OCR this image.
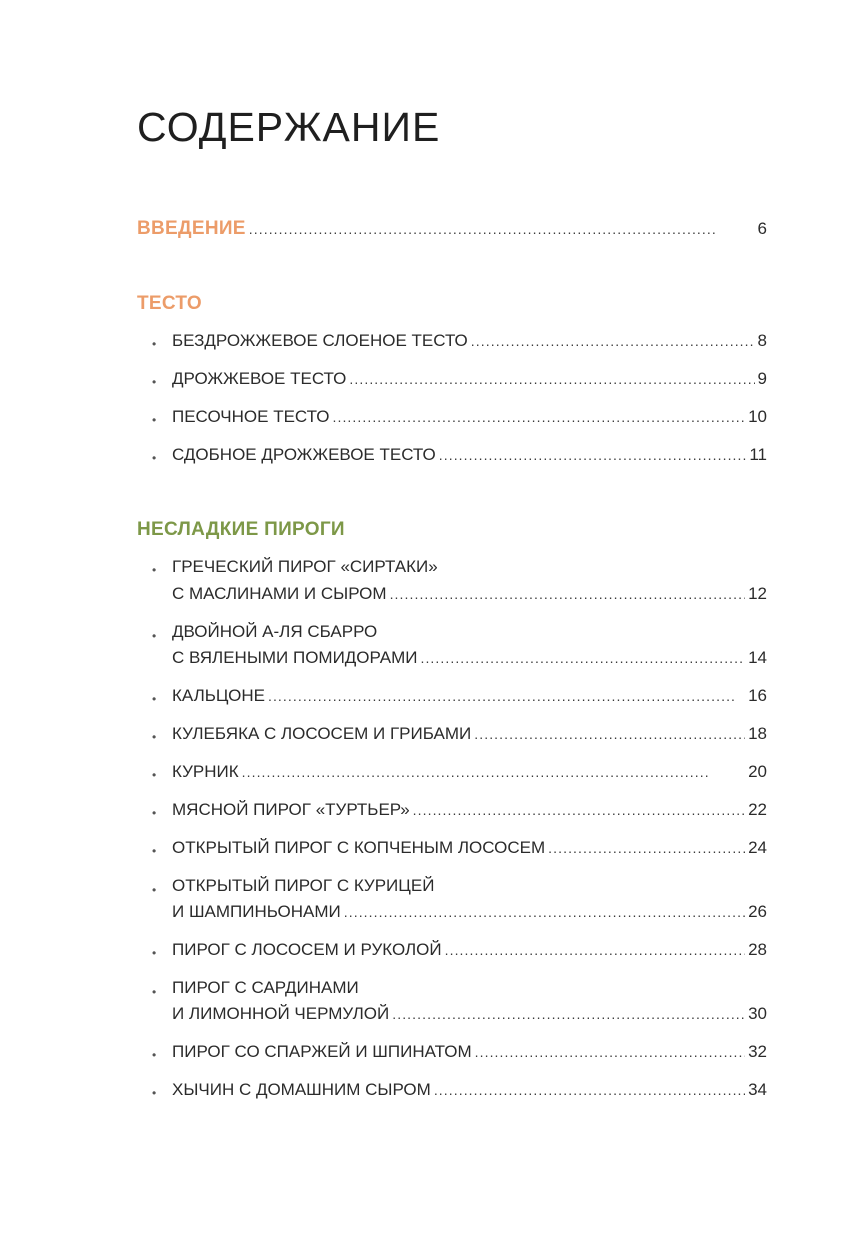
СОДЕРЖАНИЕ
ВВЕДЕНИЕ . . .	6
ТЕСТО
• БЕЗДРОЖЖЕВОЕ СЛОЕНОЕ ТЕСТО . . .	8
• ДРОЖЖЕВОЕ ТЕСТО . . .	9
• ПЕСОЧНОЕ ТЕСТО . . .	10
• СДОБНОЕ ДРОЖЖЕВОЕ ТЕСТО . . .	11
НЕСЛАДКИЕ ПИРОГИ
• ГРЕЧЕСКИЙ ПИРОГ «СИРТАКИ»
С МАСЛИНАМИ И СЫРОМ . . .	12
• ДВОЙНОЙ А-ЛЯ СБАРРО
С ВЯЛЕНЫМИ ПОМИДОРАМИ . . .	14
• КАЛЬЦОНЕ . . .	16
• КУЛЕБЯКА С ЛОСОСЕМ И ГРИБАМИ . . .	18
• КУРНИК . . .	20
• МЯСНОЙ ПИРОГ «ТУРТЬЕР» . . .	22
• ОТКРЫТЫЙ ПИРОГ С КОПЧЕНЫМ ЛОСОСЕМ . . .	24
• ОТКРЫТЫЙ ПИРОГ С КУРИЦЕЙ
И ШАМПИНЬОНАМИ . . .	26
• ПИРОГ С ЛОСОСЕМ И РУКОЛОЙ . . .	28
• ПИРОГ С САРДИНАМИ
И ЛИМОННОЙ ЧЕРМУЛОЙ . . .	30
• ПИРОГ СО СПАРЖЕЙ И ШПИНАТОМ . . .	32
• ХЫЧИН С ДОМАШНИМ СЫРОМ . . .	34
